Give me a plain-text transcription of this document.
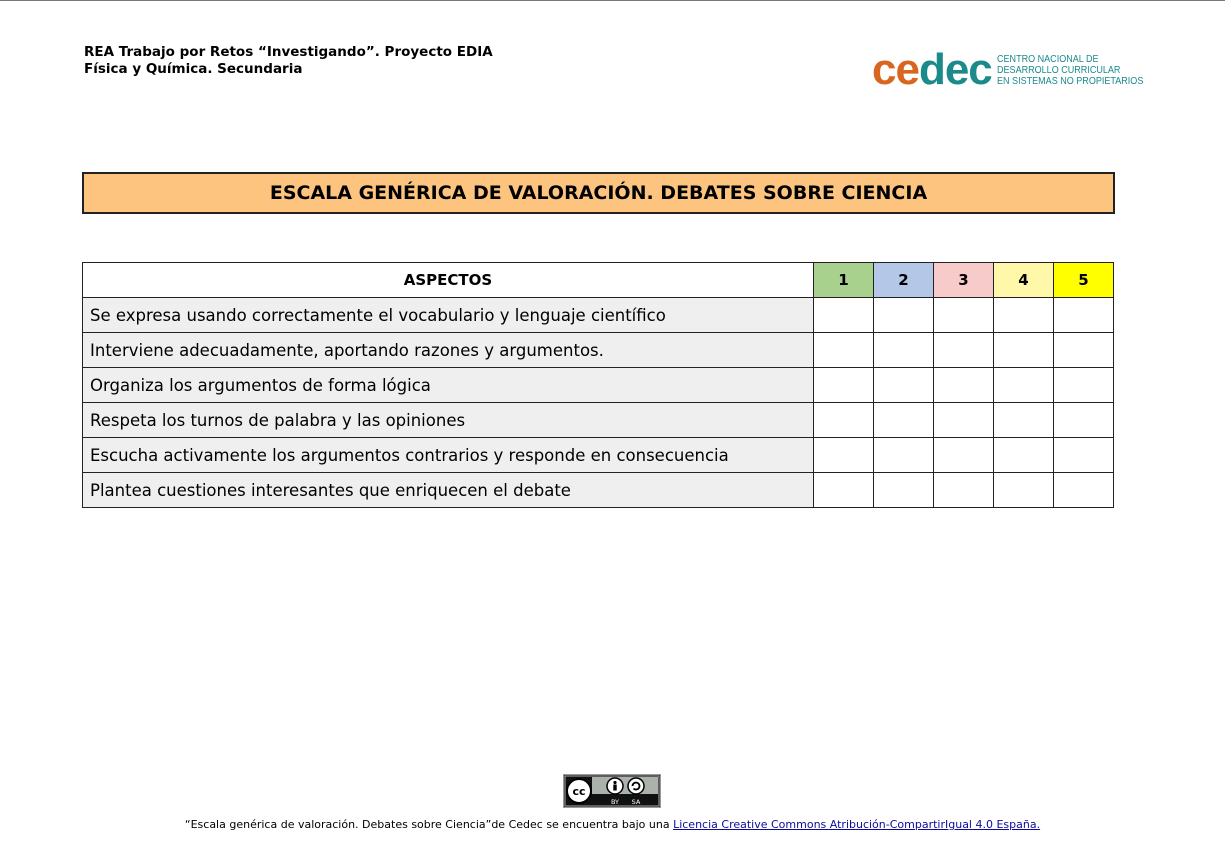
REA Trabajo por Retos “Investigando”. Proyecto EDIA
Física y Química. Secundaria	cedec CENTRO NACIONAL DE
DESARROLLO CURRICULAR
EN SISTEMAS NO PROPIETARIOS
ESCALA GENÉRICA DE VALORACIÓN. DEBATES SOBRE CIENCIA
ASPECTOS	1	2	3	4	5
Se expresa usando correctamente el vocabulario y lenguaje científico					
Interviene adecuadamente, aportando razones y argumentos.					
Organiza los argumentos de forma lógica					
Respeta los turnos de palabra y las opiniones					
Escucha activamente los argumentos contrarios y responde en consecuencia					
Plantea cuestiones interesantes que enriquecen el debate					
cc
BY SA
“Escala genérica de valoración. Debates sobre Ciencia”de Cedec se encuentra bajo una Licencia Creative Commons Atribución-CompartirIgual 4.0 España.
